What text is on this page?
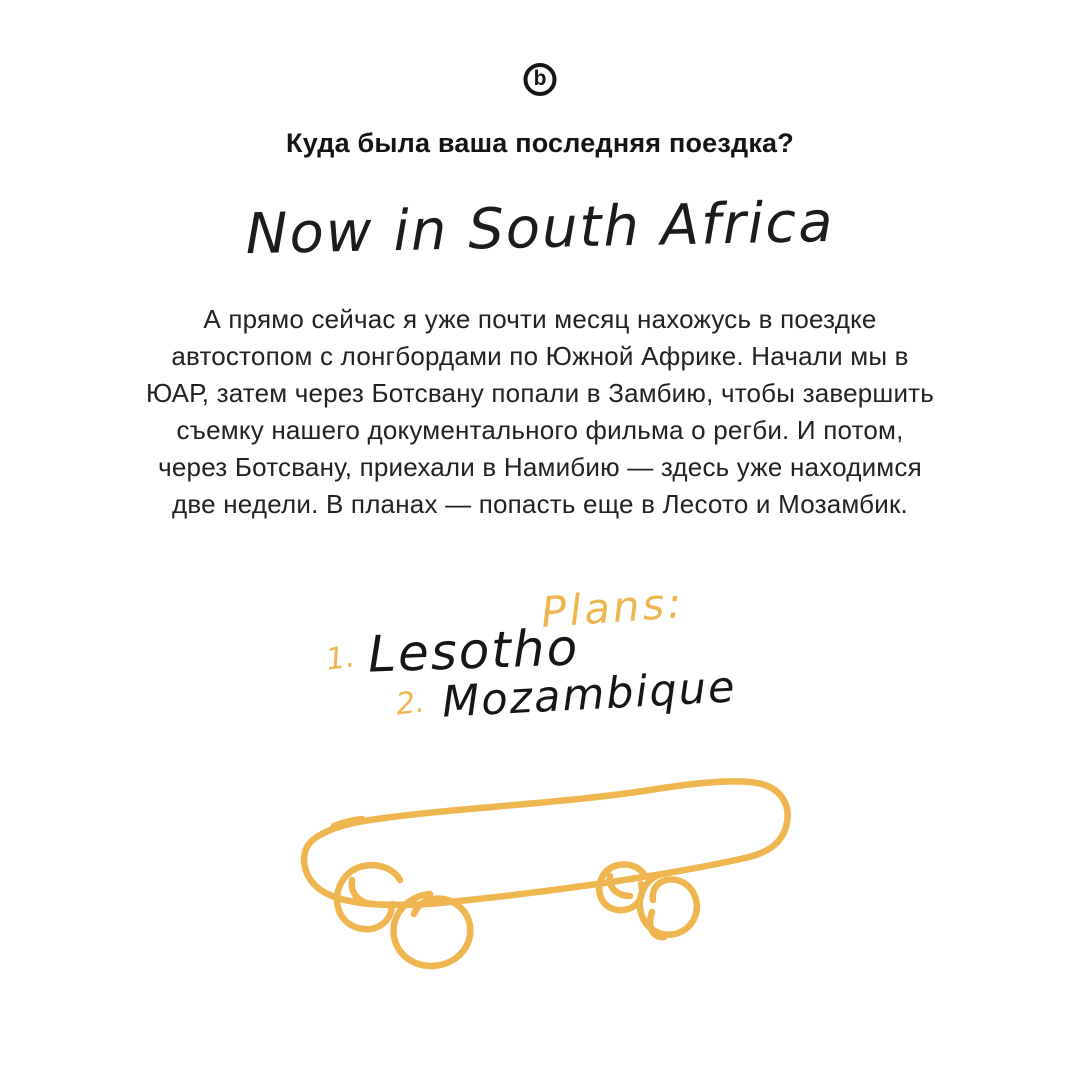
b
Куда была ваша последняя поездка?
Now in South Africa
А прямо сейчас я уже почти месяц нахожусь в поездке
автостопом с лонгбордами по Южной Африке. Начали мы в
ЮАР, затем через Ботсвану попали в Замбию, чтобы завершить
съемку нашего документального фильма о регби. И потом,
через Ботсвану, приехали в Намибию — здесь уже находимся
две недели. В планах — попасть еще в Лесото и Мозамбик.
Plans:
1. Lesotho
2. Mozambique
